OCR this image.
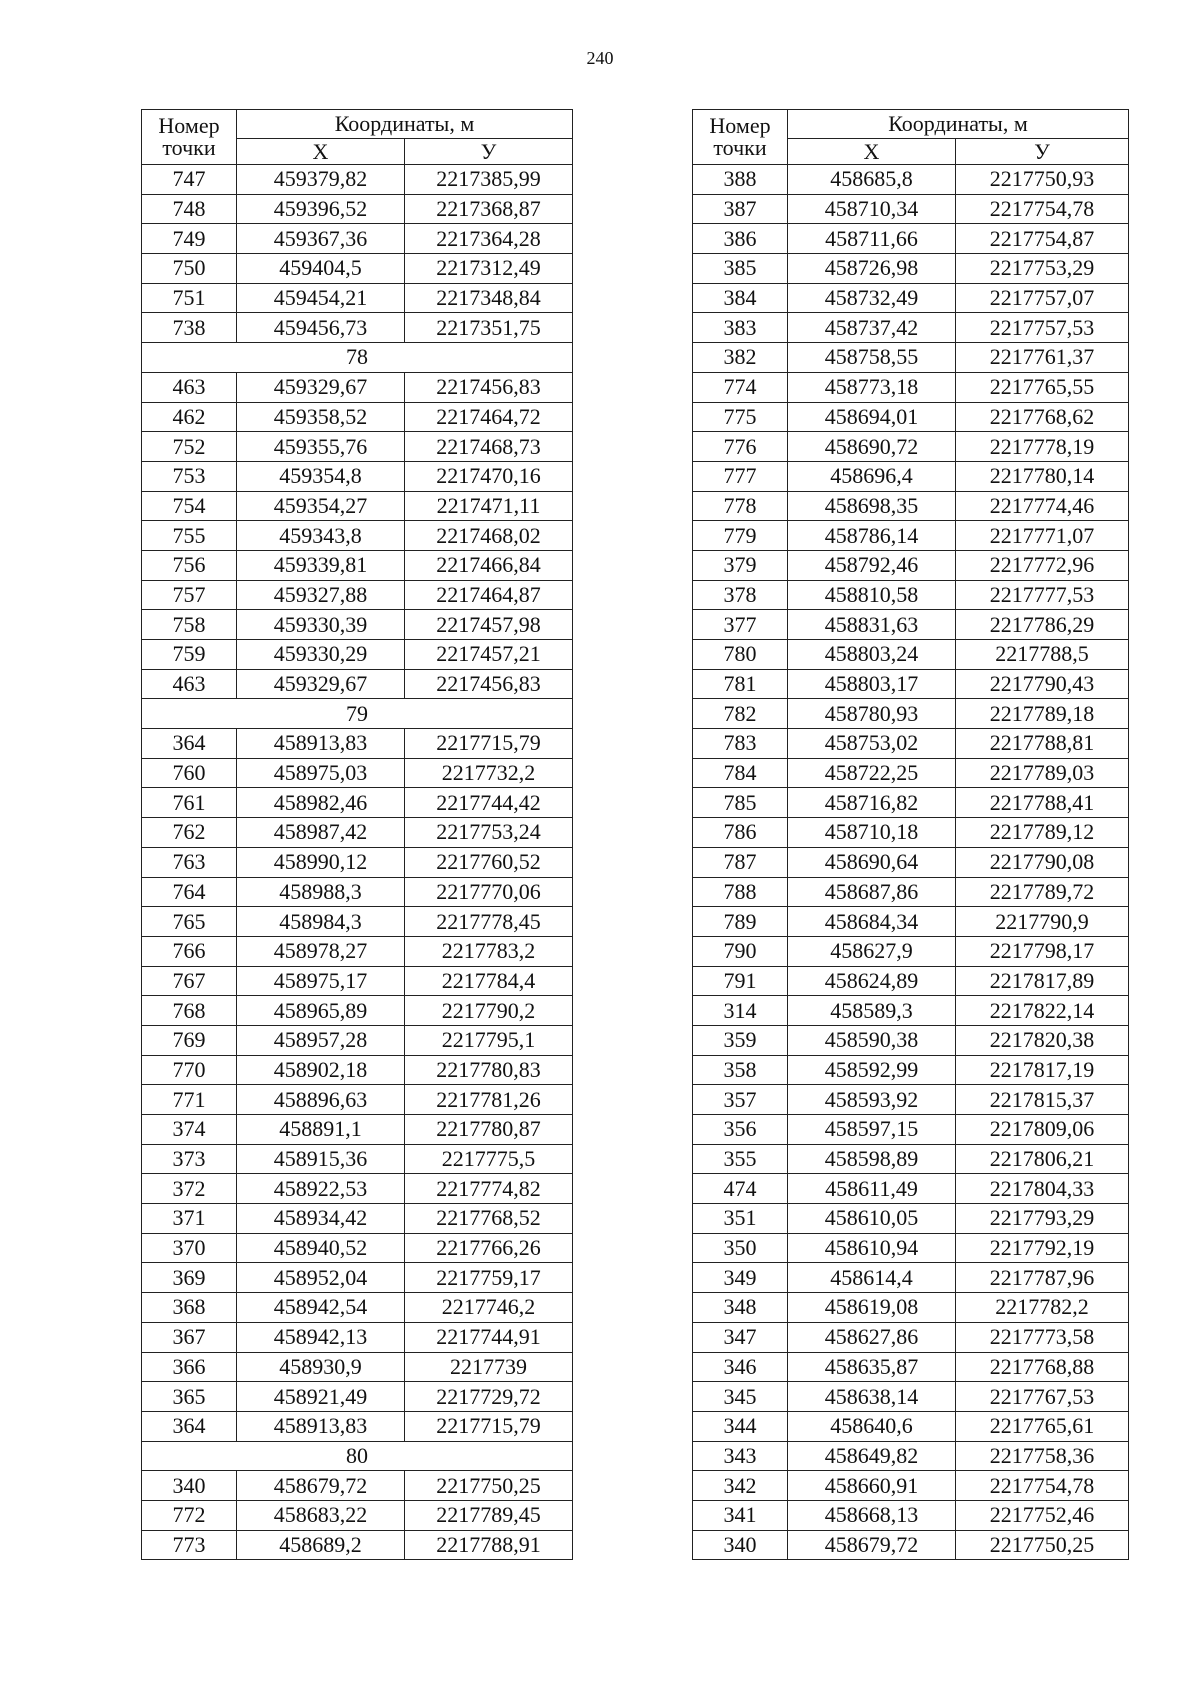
240
Номер
точки	Координаты, м	
	Х	У
747	459379,82	2217385,99
748	459396,52	2217368,87
749	459367,36	2217364,28
750	459404,5	2217312,49
751	459454,21	2217348,84
738	459456,73	2217351,75
78		
463	459329,67	2217456,83
462	459358,52	2217464,72
752	459355,76	2217468,73
753	459354,8	2217470,16
754	459354,27	2217471,11
755	459343,8	2217468,02
756	459339,81	2217466,84
757	459327,88	2217464,87
758	459330,39	2217457,98
759	459330,29	2217457,21
463	459329,67	2217456,83
79		
364	458913,83	2217715,79
760	458975,03	2217732,2
761	458982,46	2217744,42
762	458987,42	2217753,24
763	458990,12	2217760,52
764	458988,3	2217770,06
765	458984,3	2217778,45
766	458978,27	2217783,2
767	458975,17	2217784,4
768	458965,89	2217790,2
769	458957,28	2217795,1
770	458902,18	2217780,83
771	458896,63	2217781,26
374	458891,1	2217780,87
373	458915,36	2217775,5
372	458922,53	2217774,82
371	458934,42	2217768,52
370	458940,52	2217766,26
369	458952,04	2217759,17
368	458942,54	2217746,2
367	458942,13	2217744,91
366	458930,9	2217739
365	458921,49	2217729,72
364	458913,83	2217715,79
80		
340	458679,72	2217750,25
772	458683,22	2217789,45
773	458689,2	2217788,91
Номер
точки	Координаты, м	
	Х	У
388	458685,8	2217750,93
387	458710,34	2217754,78
386	458711,66	2217754,87
385	458726,98	2217753,29
384	458732,49	2217757,07
383	458737,42	2217757,53
382	458758,55	2217761,37
774	458773,18	2217765,55
775	458694,01	2217768,62
776	458690,72	2217778,19
777	458696,4	2217780,14
778	458698,35	2217774,46
779	458786,14	2217771,07
379	458792,46	2217772,96
378	458810,58	2217777,53
377	458831,63	2217786,29
780	458803,24	2217788,5
781	458803,17	2217790,43
782	458780,93	2217789,18
783	458753,02	2217788,81
784	458722,25	2217789,03
785	458716,82	2217788,41
786	458710,18	2217789,12
787	458690,64	2217790,08
788	458687,86	2217789,72
789	458684,34	2217790,9
790	458627,9	2217798,17
791	458624,89	2217817,89
314	458589,3	2217822,14
359	458590,38	2217820,38
358	458592,99	2217817,19
357	458593,92	2217815,37
356	458597,15	2217809,06
355	458598,89	2217806,21
474	458611,49	2217804,33
351	458610,05	2217793,29
350	458610,94	2217792,19
349	458614,4	2217787,96
348	458619,08	2217782,2
347	458627,86	2217773,58
346	458635,87	2217768,88
345	458638,14	2217767,53
344	458640,6	2217765,61
343	458649,82	2217758,36
342	458660,91	2217754,78
341	458668,13	2217752,46
340	458679,72	2217750,25
